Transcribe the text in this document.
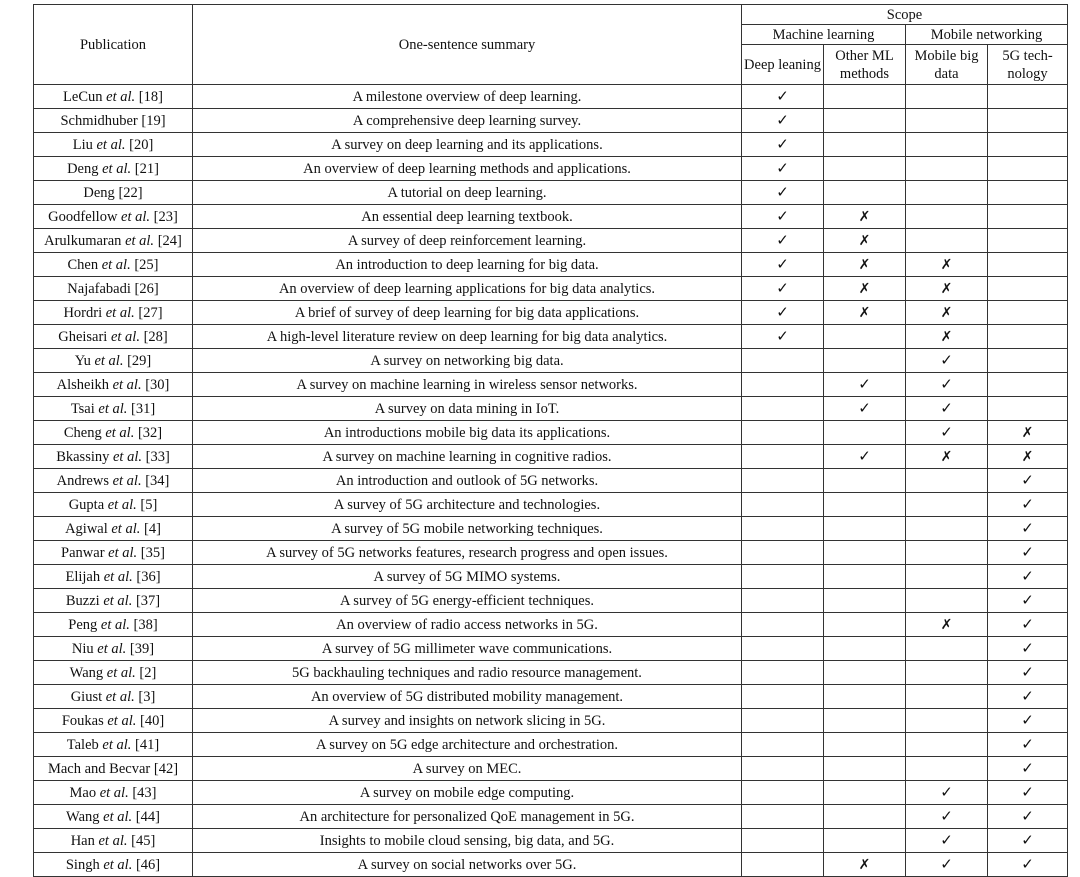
Publication	One-sentence summary	Scope			
		Machine learning		Mobile networking	
		Deep leaning	Other ML methods	Mobile big data	5G tech- nology
LeCun et al. [18]	A milestone overview of deep learning.	✓			
Schmidhuber [19]	A comprehensive deep learning survey.	✓			
Liu et al. [20]	A survey on deep learning and its applications.	✓			
Deng et al. [21]	An overview of deep learning methods and applications.	✓			
Deng [22]	A tutorial on deep learning.	✓			
Goodfellow et al. [23]	An essential deep learning textbook.	✓	✗		
Arulkumaran et al. [24]	A survey of deep reinforcement learning.	✓	✗		
Chen et al. [25]	An introduction to deep learning for big data.	✓	✗	✗	
Najafabadi [26]	An overview of deep learning applications for big data analytics.	✓	✗	✗	
Hordri et al. [27]	A brief of survey of deep learning for big data applications.	✓	✗	✗	
Gheisari et al. [28]	A high-level literature review on deep learning for big data analytics.	✓		✗	
Yu et al. [29]	A survey on networking big data.			✓	
Alsheikh et al. [30]	A survey on machine learning in wireless sensor networks.		✓	✓	
Tsai et al. [31]	A survey on data mining in IoT.		✓	✓	
Cheng et al. [32]	An introductions mobile big data its applications.			✓	✗
Bkassiny et al. [33]	A survey on machine learning in cognitive radios.		✓	✗	✗
Andrews et al. [34]	An introduction and outlook of 5G networks.				✓
Gupta et al. [5]	A survey of 5G architecture and technologies.				✓
Agiwal et al. [4]	A survey of 5G mobile networking techniques.				✓
Panwar et al. [35]	A survey of 5G networks features, research progress and open issues.				✓
Elijah et al. [36]	A survey of 5G MIMO systems.				✓
Buzzi et al. [37]	A survey of 5G energy-efficient techniques.				✓
Peng et al. [38]	An overview of radio access networks in 5G.			✗	✓
Niu et al. [39]	A survey of 5G millimeter wave communications.				✓
Wang et al. [2]	5G backhauling techniques and radio resource management.				✓
Giust et al. [3]	An overview of 5G distributed mobility management.				✓
Foukas et al. [40]	A survey and insights on network slicing in 5G.				✓
Taleb et al. [41]	A survey on 5G edge architecture and orchestration.				✓
Mach and Becvar [42]	A survey on MEC.				✓
Mao et al. [43]	A survey on mobile edge computing.			✓	✓
Wang et al. [44]	An architecture for personalized QoE management in 5G.			✓	✓
Han et al. [45]	Insights to mobile cloud sensing, big data, and 5G.			✓	✓
Singh et al. [46]	A survey on social networks over 5G.		✗	✓	✓
